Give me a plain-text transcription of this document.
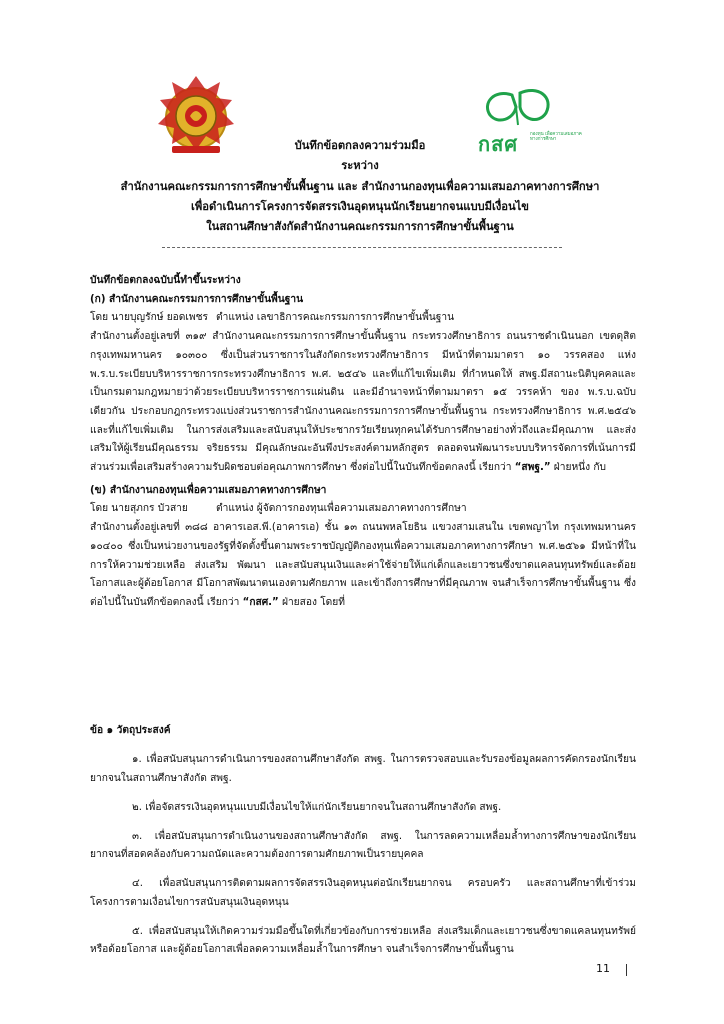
กสศ	กองทุน เพื่อความเสมอภาค ทางการศึกษา
บันทึกข้อตกลงความร่วมมือ
ระหว่าง
สำนักงานคณะกรรมการการศึกษาขั้นพื้นฐาน และ สำนักงานกองทุนเพื่อความเสมอภาคทางการศึกษา
เพื่อดำเนินการโครงการจัดสรรเงินอุดหนุนนักเรียนยากจนแบบมีเงื่อนไข
ในสถานศึกษาสังกัดสำนักงานคณะกรรมการการศึกษาขั้นพื้นฐาน

บันทึกข้อตกลงฉบับนี้ทำขึ้นระหว่าง

(ก) สำนักงานคณะกรรมการการศึกษาขั้นพื้นฐาน

โดย นายบุญรักษ์ ยอดเพชร ตำแหน่ง เลขาธิการคณะกรรมการการศึกษาขั้นพื้นฐาน

สำนักงานตั้งอยู่เลขที่ ๓๑๙ สำนักงานคณะกรรมการการศึกษาขั้นพื้นฐาน กระทรวงศึกษาธิการ ถนนราชดำเนินนอก เขตดุสิต กรุงเทพมหานคร ๑๐๓๐๐ ซึ่งเป็นส่วนราชการในสังกัดกระทรวงศึกษาธิการ มีหน้าที่ตามมาตรา ๑๐ วรรคสอง แห่ง พ.ร.บ.ระเบียบบริหารราชการกระทรวงศึกษาธิการ พ.ศ. ๒๕๔๖ และที่แก้ไขเพิ่มเติม ที่กำหนดให้ สพฐ.มีสถานะนิติบุคคลและเป็นกรมตามกฎหมายว่าด้วยระเบียบบริหารราชการแผ่นดิน และมีอำนาจหน้าที่ตามมาตรา ๑๕ วรรคห้า ของ พ.ร.บ.ฉบับเดียวกัน ประกอบกฎกระทรวงแบ่งส่วนราชการสำนักงานคณะกรรมการการศึกษาขั้นพื้นฐาน กระทรวงศึกษาธิการ พ.ศ.๒๕๔๖ และที่แก้ไขเพิ่มเติม ในการส่งเสริมและสนับสนุนให้ประชากรวัยเรียนทุกคนได้รับการศึกษาอย่างทั่วถึงและมีคุณภาพ และส่งเสริมให้ผู้เรียนมีคุณธรรม จริยธรรม มีคุณลักษณะอันพึงประสงค์ตามหลักสูตร ตลอดจนพัฒนาระบบบริหารจัดการที่เน้นการมีส่วนร่วมเพื่อเสริมสร้างความรับผิดชอบต่อคุณภาพการศึกษา ซึ่งต่อไปนี้ในบันทึกข้อตกลงนี้ เรียกว่า “สพฐ.” ฝ่ายหนึ่ง กับ

(ข) สำนักงานกองทุนเพื่อความเสมอภาคทางการศึกษา

โดย นายสุภกร บัวสาย	ตำแหน่ง ผู้จัดการกองทุนเพื่อความเสมอภาคทางการศึกษา

สำนักงานตั้งอยู่เลขที่ ๓๘๘ อาคารเอส.พี.(อาคารเอ) ชั้น ๑๓ ถนนพหลโยธิน แขวงสามเสนใน เขตพญาไท กรุงเทพมหานคร ๑๐๔๐๐ ซึ่งเป็นหน่วยงานของรัฐที่จัดตั้งขึ้นตามพระราชบัญญัติกองทุนเพื่อความเสมอภาคทางการศึกษา พ.ศ.๒๕๖๑ มีหน้าที่ในการให้ความช่วยเหลือ ส่งเสริม พัฒนา และสนับสนุนเงินและค่าใช้จ่ายให้แก่เด็กและเยาวชนซึ่งขาดแคลนทุนทรัพย์และด้อยโอกาสและผู้ด้อยโอกาส มีโอกาสพัฒนาตนเองตามศักยภาพ และเข้าถึงการศึกษาที่มีคุณภาพ จนสำเร็จการศึกษาขั้นพื้นฐาน ซึ่งต่อไปนี้ในบันทึกข้อตกลงนี้ เรียกว่า “กสศ.” ฝ่ายสอง โดยที่

ข้อ ๑ วัตถุประสงค์

๑. เพื่อสนับสนุนการดำเนินการของสถานศึกษาสังกัด สพฐ. ในการตรวจสอบและรับรองข้อมูลผลการคัดกรองนักเรียนยากจนในสถานศึกษาสังกัด สพฐ.

๒. เพื่อจัดสรรเงินอุดหนุนแบบมีเงื่อนไขให้แก่นักเรียนยากจนในสถานศึกษาสังกัด สพฐ.

๓. เพื่อสนับสนุนการดำเนินงานของสถานศึกษาสังกัด สพฐ. ในการลดความเหลื่อมล้ำทางการศึกษาของนักเรียนยากจนที่สอดคล้องกับความถนัดและความต้องการตามศักยภาพเป็นรายบุคคล

๔. เพื่อสนับสนุนการติดตามผลการจัดสรรเงินอุดหนุนต่อนักเรียนยากจน ครอบครัว และสถานศึกษาที่เข้าร่วมโครงการตามเงื่อนไขการสนับสนุนเงินอุดหนุน

๕. เพื่อสนับสนุนให้เกิดความร่วมมือขึ้นใดที่เกี่ยวข้องกับการช่วยเหลือ ส่งเสริมเด็กและเยาวชนซึ่งขาดแคลนทุนทรัพย์หรือด้อยโอกาส และผู้ด้อยโอกาสเพื่อลดความเหลื่อมล้ำในการศึกษา จนสำเร็จการศึกษาขั้นพื้นฐาน

11
